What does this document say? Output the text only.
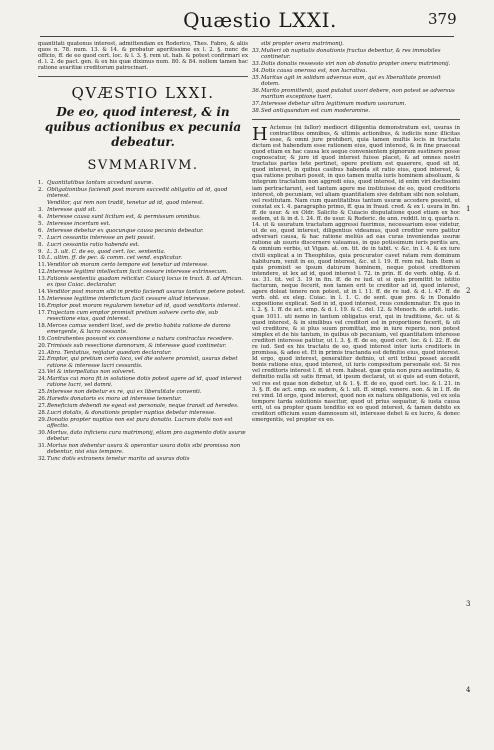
Quæstio LXXI.	379

quantitati quatenus interest, admittendam ex Roderico, Thes. Fabro, & aliis quos n. 78. num. 13. & 14. & probatur aperitissime ex l. 2. §. nunc de officio, ff. de eo quod cert. loc. & l. 3. §. rem ut. hab. & potest confirmari ex d. l. 2. de pact. gen. & ex his quæ diximus num. 80. & 84. nollem tamen hac ratione avaritiæ creditorum patrocinari.

QVÆSTIO LXXI.
De eo, quod interest, & in quibus actionibus ex pecunia debeatur.
SVMMARIVM.
1. Quantitatibus tantum accedunt usuræ.
2. Obligationibus faciendi post moram succedit obligatio ad id, quod interest.
Venditor, qui rem non tradit, tenetur ad id, quod interest.
3. Interesse quid sit.
4. Interesse causa sunt licitum est, & permissum omnibus.
5. Interesse incertum est.
6. Interesse debetur ex quocunque causa pecunia debeatur.
7. Lucri cessantis interesse an peti possit.
8. Lucri cessantis ratio habenda est.
9. L. 3. ult. C. de eo, quod cert. loc. sententia.
10.L. ultim. ff. de pec. & comm. cet vend. explicatur.
11.Venditor ob moram certo tempore est tenetur ad interesse.
12.Interesse legitimi intellectum facit cessare interesse extrinsecum.
13.Fationis sententia quadam relicitur. Cuiacij locus in tract. 8. ad African. ex ipso Cuiac. declaratur.
14.Venditor post moram sibi in pretio faciendi usuras tantum petere potest.
15.Interesse legitime interdictum facit cessare aliud interesse.
16.Emptor post moram regularem tenetur ad id, quod venditoris interest.
17.Trajectam cum emptor promisit pretium solvere certo die, sub resectione eius, quod interest.
18.Merces camus venderi licet, sed de pretio habita ratione de damno emergente, & lucro cessante.
19.Contrahentes possunt ex conventione a natura contractus recedere.
20.Trimissis sub resectione damnorum, & interesse quod continetur.
21.Abra. Tentatius, reijiatur quædam declaratur.
22.Emptor, qui pretium certo loco, vel die solvere promisit, usuras debet ratione & interesse lucri cessantis.
23.Vel & interpellatus non solveret.
24.Maritus cui mora fit in solutione dotis potest agere ad id, quod interest ratione lucri, vel damni.
25.Interesse non debetur ex re, qui ex liberalitate conventi.
26.Haredis donatoris ex mora ad interesse tenentur.
27.Beneficium debendi ne egeat est personale, neque transit ad heredes.
28.Lucri dotalis, & donationis propter nuptias debetur interesse.
29.Donatio propter nuptias non est pura donatio. Lucrum dotis non est affectio.
30.Mortus, dato inficiens cura matrimonij, etiam pro augmento dotis usuræ debetur.
31.Mortus non debentur usura & operantur usura dotis sibi promissa non debentur, nisi eius tempore.
32.Tunc dotis extranens tenetur marito ad usuras dotis
sibi propter onera matrimonij.
33.Mulieri ob nuptialis donationis fructus debentur, & res immobiles continetur.
33.Dotis donatis ressessio viri non ob donatio propter onera matrimonij.
34.Dotis causa onerosa est, non lucrativa.
35.Maritus agit in solidum adversus eum, qui ex liberalitate promisit dotem.
36.Marito promittenti, quod putabat uxori debere, non potest se adversus maritum exceptione tueri.
37.Interesse debetur ultra legitimum modum usurarum.
38.Sed antiquandum est cum moderamine.

H Actenus (ni fallor) mediocri diligentia demonstratum est, usuras in contractibus omnibus, & ultimis actionibus, & iudiciis nunc illicitas esse, & omni jure prohiberi, quia tamen multis locis in tractatu dictum est habendum esse rationem eius, quod interest, & in fine praeceat quod etiam ex hac causa lex aeque convenientem pignorum sustinere posse cognoscatur, & jure id quod interest fuisse placet, & ad omnes nostri tractatus partes tete pertinet, opere pretium est quaerere, quod sit id, quod interest, in quibus casibus habenda sit ratio eius, quod interest, & qua ratione probari possit, in quo tamen multa iuris hominem absoluam, & integrum tractatum non aggredi eius, quod interest, id enim viri doctissimi iam pertractarunt, sed tantum agere me instituisse de eo, quod creditoris interest, ob pecuniam, vel aliam quantitatem sive debitam sibi non solutam, vel restitutam. Nam cum quantitatibus tantum usuræ accedere possint, ut constat ex l. 4. paragrapho primo, ff. qua in fraud. cred. & ex l. usura in fin. ff. de usur. & ex Oldr. Salicito & Cuiacio disputatione quod etiam ex hoc sedem, ut & in d. l. 24. ff. de usur. & Roderic. de ann. reddit. in q. quarta n. 14. ut & usuratum tractatum aggressi fuerimus, necessarium esse videtur, ut de eo, quod interest, diligentius videamus, quod creditor vero patitur adversari causa, & hac ratione meliùs ad eas curas inveniendas usuræ ratione ab usuris discernere valeamus, in quo potissimum iuris peritis ars, & omnium verbis, ut Vigan. at. on. tit. de in tabit. v. &c. in l. 4. & ex iure civili explicat a in Theophilus, quia procurator cavet ratam rem dominum habiturum, venit in eo, quod interest, &c. ut l. 19. ff. rem rat. hab. Item si quis promisit se ipsum daturum hominem, neque potest creditorem intendere, ut lex ad id, quod interest l. 72. in prin. ff. de verb. oblig. & d. us. 31. tit. vel 3. 19 in fin. ff. de re iud. ut si quis promittit te istitio facturum, neque fecerit, non tamen erit te creditor ad id, quod interest, agere doleat tenere non potest, ut in l. 11. ff. de re iud. & d. l. 47. ff. de verb. obl. ex eleg. Cuiac. in l. 1. C. de sent. quæ pro. & in Donaldo expositione explicat. Sed in id, quod interest, reus condemnatur. Ex quo in l. 2. §. 1. ff. de act. emp. & d. l. 19. & C. del. 12. & Menoch. de arbit. iudic. quæ 1011. uti nemo in tantum obligatus erat, qui in traditione, &c. ut & quod interest, & in similibus vel creditori est in proportione fecerit, & uti vel creditore, & si plus suum promittat, imo in iure reperio, non potest simplex et de his tantum, in quibus ob pecuniam, vel quantitatem interesse creditori interesse patitur, ut l. 3. §. ff. de eo, quod cert. loc. & l. 22. ff. de re iud. Sed ex his tractatu de eo, quod interest inter iuris creditoris in promissa, & adeo et. Et in primis tractanda est definitio eius, quod interest. Id ergo, quod interest, generaliter definio, ut erit tribui posset accedit bonis ratione eius, quod interest, ut iuris compositum personale est. Si res vel creditoris interest l. ff. ut rem. habeat. quæ quia non pura aestimatio, & definitio nulla sit satis firmat, id ipsum declarat, ut si quis ad eum dotavit, vel res est quae non debetur, ut & 1. §. ff. de eo, quod cert. loc. & l. 21. in 3. §. ff. de act. emp. ex eadem, & l. ult. ff. simpl. venere. non. & in l. ff. de rei vind. Id ergo, quod interest, quod non ex natura obligationis, vel ex sola tempore tarda solutionis nascitur, quod ut prius sequatur, & iusta causa erit, ut ea propter quam tenditio ex eo quod interest, & tamen debito ex creditori officium suum damnosum sit, interesse debet & ex lucro, & donec emergentis, vel propter ex eo.

1
2
3
4
